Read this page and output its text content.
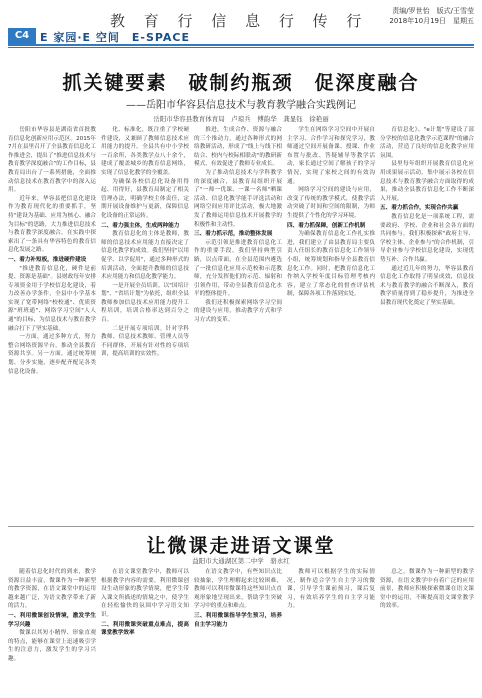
教 育 行 信 息 行 传 行
责编/罗世怡　版式/王雪莹
2018年10月19日　星期五
C4 E 家园·E 空间　E-SPACE
抓关键要素　破制约瓶颈　促深度融合
——岳阳市华容县信息技术与教育教学融合实践例记
岳阳市华容县教育体育局　卢琼兵　傅韵华　龚显钰　徐艳丽

岳阳市华容县是湖南省首批教育信息化创新应用示范区。2015年7月在县里召开了全县教育信息化工作推进会，提出了"推进信息技术与教育教学深度融合"的工作目标，县教育局出台了一系列措施，全面推动信息技术在教育教学中的深入运用。

近年来，华容县把信息化建设作为教育现代化的重要抓手，坚持"建设为基础、应用为核心、融合为目标"的思路，大力推进信息技术与教育教学深度融合，在实践中探索出了一条具有华容特色的教育信息化发展之路。

一、着力补短板，推进硬件建设

"推进教育信息化，硬件是前提、资源是基础"。县财政每年安排专项资金用于学校信息化建设，着力改善办学条件，全县中小学基本实现了宽带网络"校校通"、优质资源"班班通"、网络学习空间"人人通"的目标，为信息技术与教育教学融合打下了坚实基础。

一方面，通过多种方式，努力整合网络资源平台，推动全县教育资源共享。另一方面，通过统筹规划、分步实施，逐步配齐配足各类信息化设备。

化、标准化，既注重了学校硬件建设，又兼顾了教师信息技术应用能力的提升。全县共有中小学校一百余所，各类教学点八十余个，建成了覆盖城乡的教育信息网络，实现了信息化教学的全覆盖。

为确保各校信息化设备用得起、用得好，县教育局制定了相关管理办法，明确学校主体责任，定期开展设备维护与更新，保障信息化设备的正常运转。

二、着力强主体，生成两种能力

教育信息化的主体是教师，教师的信息技术应用能力直接决定了信息化教学的成效。我们坚持"以用促学、以学促用"，通过多种形式的培训活动，全面提升教师的信息技术应用能力和信息化教学能力。

一是开展全员培训。以"国培计划"、"省培计划"为依托，组织全县教师参加信息技术应用能力提升工程培训，培训合格率达到百分之百。

二是开展专项培训。针对学科教师、信息技术教师、管理人员等不同群体，开展有针对性的专项培训，提高培训的实效性。

推进，生成合作、资源与融合的三个推动力，通过各种形式的网络教研活动，形成了"线上与线下相结合、校内与校际相联动"的教研新模式，有效促进了教师专业成长。

为了推动信息技术与学科教学的深度融合，县教育局组织开展了"一师一优课、一课一名师"晒课活动、信息化教学能手评选活动和网络空间应用评比活动，极大地激发了教师运用信息技术开展教学的积极性和主动性。

三、着力抓示范，推动整体发展

示范引领是推进教育信息化工作的重要手段。我们坚持典型引路，以点带面，在全县范围内遴选了一批信息化应用示范校和示范教师，充分发挥他们的示范、辐射和引领作用，带动全县教育信息化水平的整体提升。

我们还积极探索网络学习空间的建设与应用，推动教学方式和学习方式的变革。

学生在网络学习空间中开展自主学习、合作学习和探究学习，教师通过空间开展备课、授课、作业布置与批改、答疑辅导等教学活动，家长通过空间了解孩子的学习情况，实现了家校之间的有效沟通。

网络学习空间的建设与应用，改变了传统的教学模式，使教学活动突破了时间和空间的限制，为师生提供了个性化的学习环境。

四、着力抓保障，创新工作机制

为确保教育信息化工作扎实推进，我们建立了由县教育局主要负责人任组长的教育信息化工作领导小组，统筹规划和指导全县教育信息化工作。同时，把教育信息化工作纳入学校年度目标管理考核内容，建立了常态化的督查评估机制，保障各项工作落到实处。

育信息化》、"e计划"等建设了部分学校的信息化教学示范课程"的融合活动，营造了良好的信息化教学应用氛围。

县里每年组织开展教育信息化应用成果展示活动，集中展示各校在信息技术与教育教学融合方面取得的成果，推动全县教育信息化工作不断深入开展。

五、着力抓合作，实现合作共赢

教育信息化是一项系统工程，需要政府、学校、企业和社会各方面的共同参与。我们积极探索"政府主导、学校主体、企业参与"的合作机制，引导企业参与学校信息化建设，实现优势互补、合作共赢。

通过近几年的努力，华容县教育信息化工作取得了明显成效，信息技术与教育教学的融合不断深入，教育教学质量得到了稳步提升，为推进全县教育现代化奠定了坚实基础。

让微课走进语文课堂
益阳市大通湖区第二中学　骆永红

随着信息化时代的到来，教学资源日益丰富，微课作为一种新型的教学资源，在语文课堂中的运用越来越广泛，为语文教学带来了新的活力。

一、利用微课创设情境，激发学生学习兴趣

微课以其短小精悍、形象直观的特点，能够在课堂上迅速吸引学生的注意力，激发学生的学习兴趣。

在语文课堂教学中，教师可以根据教学内容的需要，利用微课创设生动形象的教学情境，把学生带入课文所描述的情境之中，使学生在轻松愉快的氛围中学习语文知识。

二、利用微课突破重点难点，提高课堂教学效率

在语文教学中，有些知识点比较抽象，学生理解起来比较困难，教师可以利用微课将这些知识点直观形象地呈现出来，帮助学生突破学习中的重点和难点。

三、利用微课指导学生预习，培养自主学习能力

教师可以根据学生的实际情况，制作适合学生自主学习的微课，引导学生课前预习，课后复习，有效培养学生的自主学习能力。

总之，微课作为一种新型的教学资源，在语文教学中有着广泛的应用前景，教师应积极探索微课在语文课堂中的运用，不断提高语文课堂教学的效率。
